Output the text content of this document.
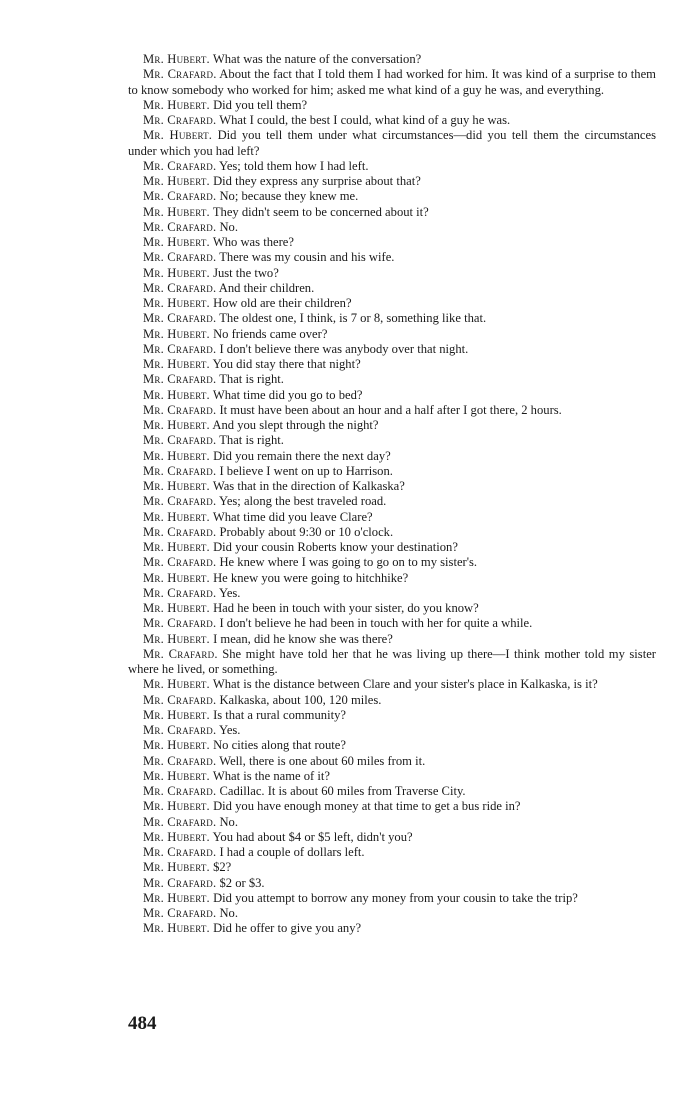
Mr. Hubert. What was the nature of the conversation?

Mr. Crafard. About the fact that I told them I had worked for him. It was kind of a surprise to them to know somebody who worked for him; asked me what kind of a guy he was, and everything.

Mr. Hubert. Did you tell them?

Mr. Crafard. What I could, the best I could, what kind of a guy he was.

Mr. Hubert. Did you tell them under what circumstances—did you tell them the circumstances under which you had left?

Mr. Crafard. Yes; told them how I had left.

Mr. Hubert. Did they express any surprise about that?

Mr. Crafard. No; because they knew me.

Mr. Hubert. They didn't seem to be concerned about it?

Mr. Crafard. No.

Mr. Hubert. Who was there?

Mr. Crafard. There was my cousin and his wife.

Mr. Hubert. Just the two?

Mr. Crafard. And their children.

Mr. Hubert. How old are their children?

Mr. Crafard. The oldest one, I think, is 7 or 8, something like that.

Mr. Hubert. No friends came over?

Mr. Crafard. I don't believe there was anybody over that night.

Mr. Hubert. You did stay there that night?

Mr. Crafard. That is right.

Mr. Hubert. What time did you go to bed?

Mr. Crafard. It must have been about an hour and a half after I got there, 2 hours.

Mr. Hubert. And you slept through the night?

Mr. Crafard. That is right.

Mr. Hubert. Did you remain there the next day?

Mr. Crafard. I believe I went on up to Harrison.

Mr. Hubert. Was that in the direction of Kalkaska?

Mr. Crafard. Yes; along the best traveled road.

Mr. Hubert. What time did you leave Clare?

Mr. Crafard. Probably about 9:30 or 10 o'clock.

Mr. Hubert. Did your cousin Roberts know your destination?

Mr. Crafard. He knew where I was going to go on to my sister's.

Mr. Hubert. He knew you were going to hitchhike?

Mr. Crafard. Yes.

Mr. Hubert. Had he been in touch with your sister, do you know?

Mr. Crafard. I don't believe he had been in touch with her for quite a while.

Mr. Hubert. I mean, did he know she was there?

Mr. Crafard. She might have told her that he was living up there—I think mother told my sister where he lived, or something.

Mr. Hubert. What is the distance between Clare and your sister's place in Kalkaska, is it?

Mr. Crafard. Kalkaska, about 100, 120 miles.

Mr. Hubert. Is that a rural community?

Mr. Crafard. Yes.

Mr. Hubert. No cities along that route?

Mr. Crafard. Well, there is one about 60 miles from it.

Mr. Hubert. What is the name of it?

Mr. Crafard. Cadillac. It is about 60 miles from Traverse City.

Mr. Hubert. Did you have enough money at that time to get a bus ride in?

Mr. Crafard. No.

Mr. Hubert. You had about $4 or $5 left, didn't you?

Mr. Crafard. I had a couple of dollars left.

Mr. Hubert. $2?

Mr. Crafard. $2 or $3.

Mr. Hubert. Did you attempt to borrow any money from your cousin to take the trip?

Mr. Crafard. No.

Mr. Hubert. Did he offer to give you any?

484
